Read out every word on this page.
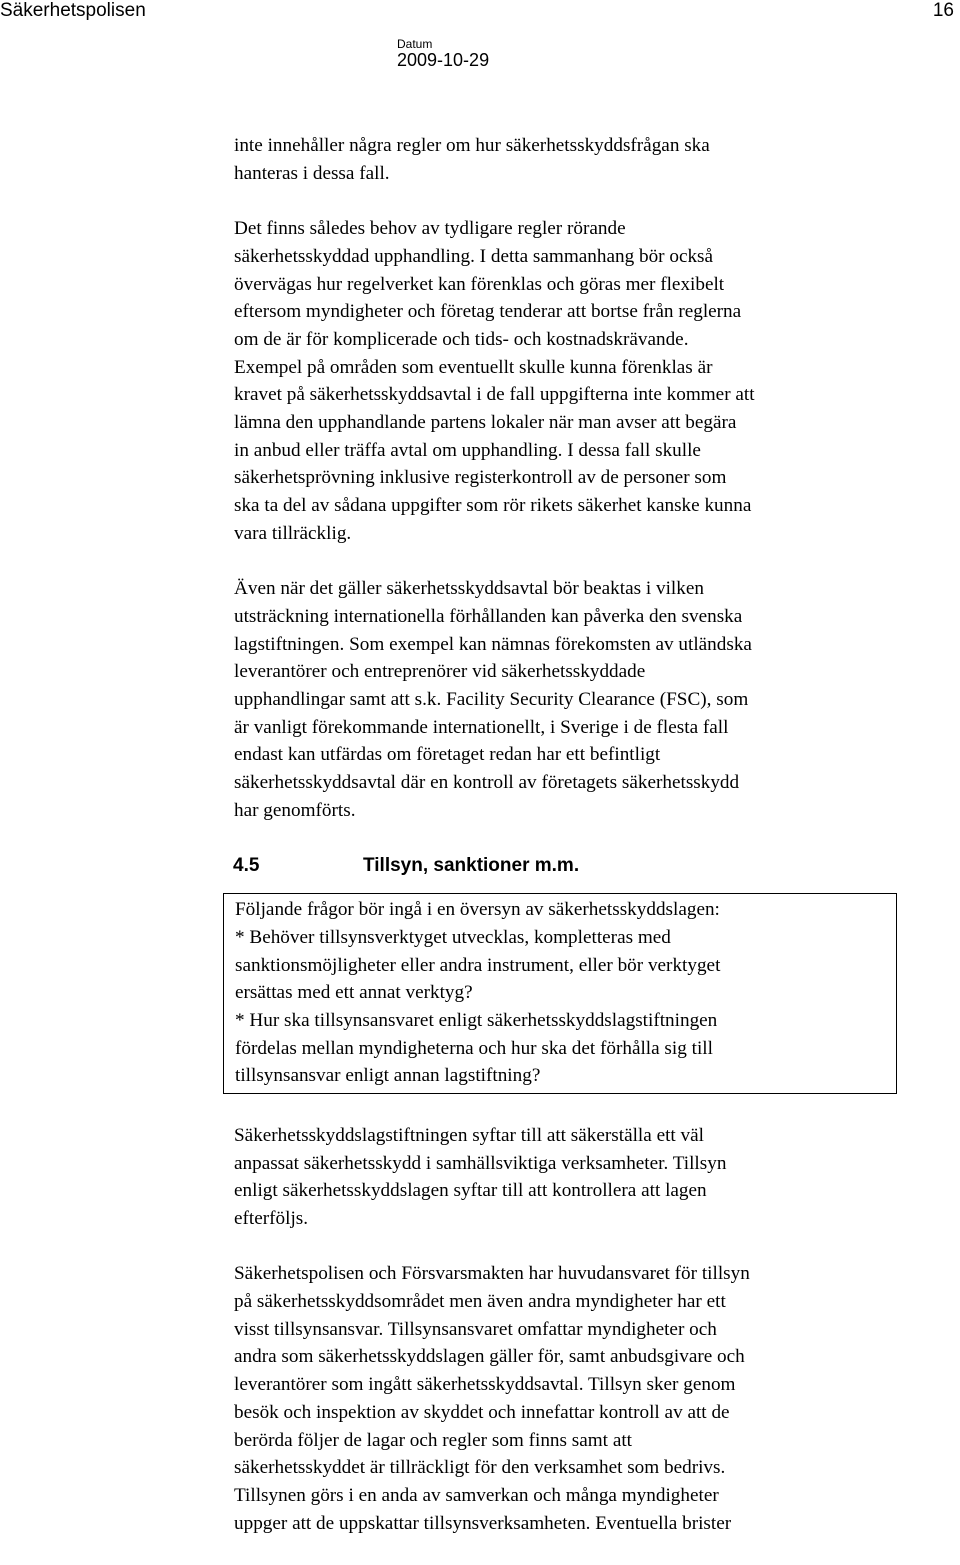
Säkerhetspolisen	16
Datum
2009-10-29

inte innehåller några regler om hur säkerhetsskyddsfrågan ska
hanteras i dessa fall.

Det finns således behov av tydligare regler rörande
säkerhetsskyddad upphandling. I detta sammanhang bör också
övervägas hur regelverket kan förenklas och göras mer flexibelt
eftersom myndigheter och företag tenderar att bortse från reglerna
om de är för komplicerade och tids- och kostnadskrävande.
Exempel på områden som eventuellt skulle kunna förenklas är
kravet på säkerhetsskyddsavtal i de fall uppgifterna inte kommer att
lämna den upphandlande partens lokaler när man avser att begära
in anbud eller träffa avtal om upphandling. I dessa fall skulle
säkerhetsprövning inklusive registerkontroll av de personer som
ska ta del av sådana uppgifter som rör rikets säkerhet kanske kunna
vara tillräcklig.

Även när det gäller säkerhetsskyddsavtal bör beaktas i vilken
utsträckning internationella förhållanden kan påverka den svenska
lagstiftningen. Som exempel kan nämnas förekomsten av utländska
leverantörer och entreprenörer vid säkerhetsskyddade
upphandlingar samt att s.k. Facility Security Clearance (FSC), som
är vanligt förekommande internationellt, i Sverige i de flesta fall
endast kan utfärdas om företaget redan har ett befintligt
säkerhetsskyddsavtal där en kontroll av företagets säkerhetsskydd
har genomförts.

4.5	Tillsyn, sanktioner m.m.
Följande frågor bör ingå i en översyn av säkerhetsskyddslagen:
* Behöver tillsynsverktyget utvecklas, kompletteras med
sanktionsmöjligheter eller andra instrument, eller bör verktyget
ersättas med ett annat verktyg?
* Hur ska tillsynsansvaret enligt säkerhetsskyddslagstiftningen
fördelas mellan myndigheterna och hur ska det förhålla sig till
tillsynsansvar enligt annan lagstiftning?

Säkerhetsskyddslagstiftningen syftar till att säkerställa ett väl
anpassat säkerhetsskydd i samhällsviktiga verksamheter. Tillsyn
enligt säkerhetsskyddslagen syftar till att kontrollera att lagen
efterföljs.

Säkerhetspolisen och Försvarsmakten har huvudansvaret för tillsyn
på säkerhetsskyddsområdet men även andra myndigheter har ett
visst tillsynsansvar. Tillsynsansvaret omfattar myndigheter och
andra som säkerhetsskyddslagen gäller för, samt anbudsgivare och
leverantörer som ingått säkerhetsskyddsavtal. Tillsyn sker genom
besök och inspektion av skyddet och innefattar kontroll av att de
berörda följer de lagar och regler som finns samt att
säkerhetsskyddet är tillräckligt för den verksamhet som bedrivs.
Tillsynen görs i en anda av samverkan och många myndigheter
uppger att de uppskattar tillsynsverksamheten. Eventuella brister
